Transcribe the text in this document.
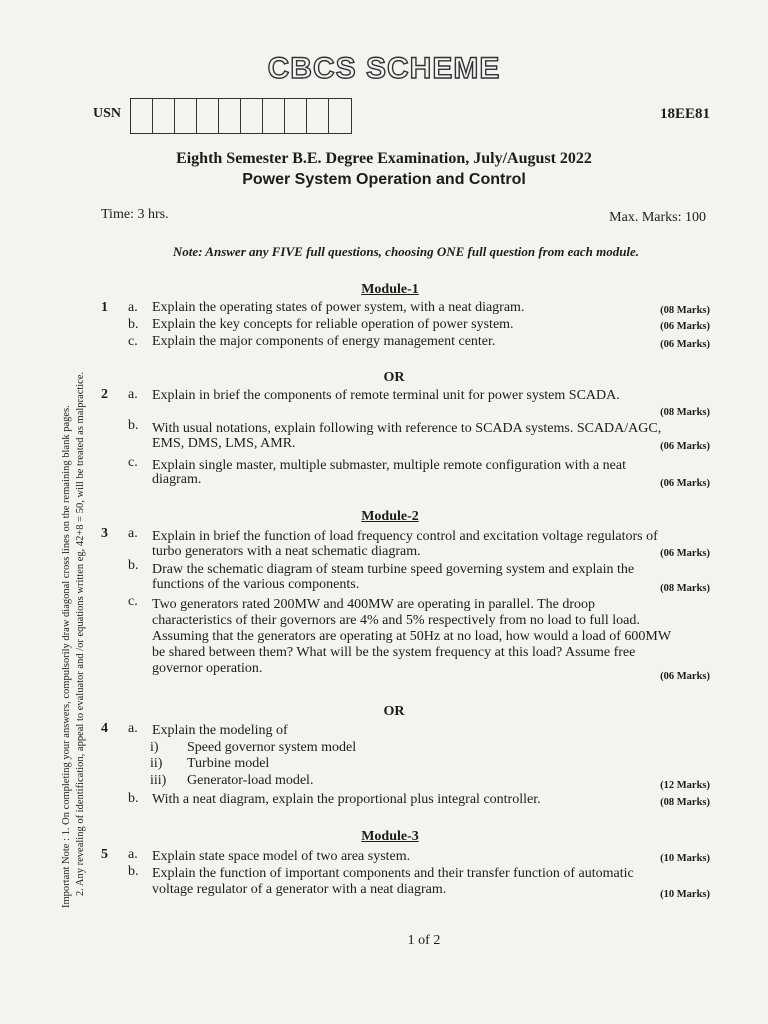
CBCS SCHEME
USN	18EE81
Eighth Semester B.E. Degree Examination, July/August 2022
Power System Operation and Control
Time: 3 hrs.	Max. Marks: 100
Note: Answer any FIVE full questions, choosing ONE full question from each module.
Important Note : 1. On completing your answers, compulsorily draw diagonal cross lines on the remaining blank pages. 2. Any revealing of identification, appeal to evaluator and /or equations written eg, 42+8 = 50, will be treated as malpractice.
Module-1
1 a. Explain the operating states of power system, with a neat diagram.	(08 Marks)
b. Explain the key concepts for reliable operation of power system.	(06 Marks)
c. Explain the major components of energy management center.	(06 Marks)
OR
2 a. Explain in brief the components of remote terminal unit for power system SCADA.
(08 Marks)
b. With usual notations, explain following with reference to SCADA systems. SCADA/AGC,
EMS, DMS, LMS, AMR.	(06 Marks)
c. Explain single master, multiple submaster, multiple remote configuration with a neat
diagram.	(06 Marks)
Module-2
3 a. Explain in brief the function of load frequency control and excitation voltage regulators of
turbo generators with a neat schematic diagram.	(06 Marks)
b. Draw the schematic diagram of steam turbine speed governing system and explain the
functions of the various components.	(08 Marks)
c. Two generators rated 200MW and 400MW are operating in parallel. The droop
characteristics of their governors are 4% and 5% respectively from no load to full load.
Assuming that the generators are operating at 50Hz at no load, how would a load of 600MW
be shared between them? What will be the system frequency at this load? Assume free
governor operation.
(06 Marks)
OR
4 a. Explain the modeling of
i) Speed governor system model
ii) Turbine model
iii) Generator-load model.	(12 Marks)
b. With a neat diagram, explain the proportional plus integral controller.	(08 Marks)
Module-3
5 a. Explain state space model of two area system.	(10 Marks)
b. Explain the function of important components and their transfer function of automatic
voltage regulator of a generator with a neat diagram.	(10 Marks)
1 of 2
